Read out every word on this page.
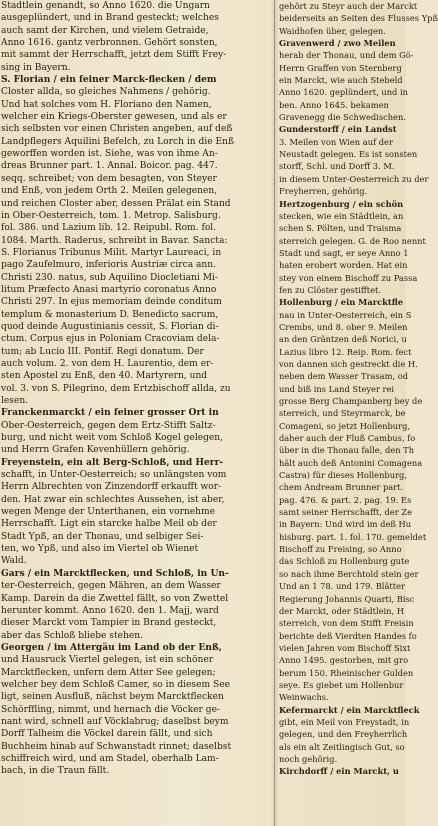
Stadtlein genandt, so Anno 1620. die Ungarn
ausgeplündert, und in Brand gesteckt; welches
auch samt der Kirchen, und vielem Getraide,
Anno 1616. gantz verbronnen. Gehört sonsten,
mit sammt der Herrschafft, jetzt dem Stifft Frey-
sing in Bayern.
S. Florian / ein feiner Marck-flecken / dem
Closter allda, so gleiches Nahmens / gehörig.
Und hat solches vom H. Floriano den Namen,
welcher ein Kriegs-Oberster gewesen, und als er
sich selbsten vor einen Christen angeben, auf deß
Landpflegers Aquilini Befelch, zu Lorch in die Enß
geworffen worden ist. Siehe, was von ihme An-
dreas Brunner part. 1. Annal. Boicor. pag. 447.
seqq. schreibet; von dem besagten, von Steyer
und Enß, von jedem Orth 2. Meilen gelegenen,
und reichen Closter aber, dessen Prälat ein Stand
in Ober-Oesterreich, tom. 1. Metrop. Salisburg.
fol. 386. und Lazium lib. 12. Reipubl. Rom. fol.
1084. Marth. Raderus, schreibt in Bavar. Sancta:
S. Florianus Tribunus Milit. Martyr Laureaci, in
pago Zaufelmuro, inferioris Austriæ circa ann.
Christi 230. natus, sub Aquilino Diocletiani Mi-
litum Præfecto Anasi martyrio coronatus Anno
Christi 297. In ejus memoriam deinde conditum
templum & monasterium D. Benedicto sacrum,
quod deinde Augustinianis cessit, S. Florian di-
ctum. Corpus ejus in Poloniam Cracoviam dela-
tum; ab Lucio III. Pontif. Regi donatum. Der
auch volum. 2. von dem H. Laurentio, dem er-
sten Apostel zu Enß, den 40. Martyrern, und
vol. 3. von S. Pilegrino, dem Ertzbischoff allda, zu
lesen.
Franckenmarckt / ein feiner grosser Ort in
Ober-Oesterreich, gegen dem Ertz-Stifft Saltz-
burg, und nicht weit vom Schloß Kogel gelegen,
und Herrn Grafen Kevenhüllern gehörig.
Freyenstein, ein alt Berg-Schloß, und Herr-
schafft, in Unter-Oesterreich; so unlängsten vom
Herrn Albrechten von Zinzendorff erkaufft wor-
den. Hat zwar ein schlechtes Aussehen, ist aber,
wegen Menge der Unterthanen, ein vornehme
Herrschafft. Ligt ein starcke halbe Meil ob der
Stadt Ypß, an der Thonau, und selbiger Sei-
ten, wo Ypß, und also im Viertel ob Wienet
Wald.
Gars / ein Marcktflecken, und Schloß, in Un-
ter-Oesterreich, gegen Mähren, an dem Wasser
Kamp. Darein da die Zwettel fällt, so von Zwettel
herunter kommt. Anno 1620. den 1. Majj, ward
dieser Marckt vom Tampier in Brand gesteckt,
aber das Schloß bliebe stehen.
Georgen / im Attergäu im Land ob der Enß,
und Hausruck Viertel gelegen, ist ein schöner
Marcktflecken, unfern dem Atter See gelegen;
welcher bey dem Schloß Camer, so in diesem See
ligt, seinen Ausfluß, nächst beym Marcktflecken
Schörffling, nimmt, und hernach die Vöcker ge-
nant wird, schnell auf Vöcklabrug; daselbst beym
Dorff Talheim die Vöckel darein fällt, und sich
Buchheim hinab auf Schwanstadt rinnet; daselbst
schiffreich wird, und am Stadel, oberhalb Lam-
bach, in die Traun fällt.
gehört zu Steyr auch der Marckt
beiderseits an Seiten des Flusses Ypß
Waidhofen über, gelegen.
Gravenwerd / zwo Meilen
herab der Thonau, und dem Gö-
Herrn Graffen von Sternberg
ein Marckt, wie auch Stebeld
Anno 1620. geplündert, und in
ben. Anno 1645. bekamen
Gravenegg die Schwedischen.
Gunderstorff / ein Landst
3. Meilen von Wien auf der
Neustadt gelegen. Es ist sonsten
storff, Schl. und Dorff 3. M.
in diesem Unter-Oesterreich zu der
Freyherren, gehörig.
Hertzogenburg / ein schön
stecken, wie ein Städtlein, an
schen S. Pölten, und Traisma
sterreich gelegen. G. de Roo nennt
Stadt und sagt, er seye Anno 1
haten erobert worden. Hat ein
stey von einem Bischoff zu Passa
fen zu Clöster gestifftet.
Hollenburg / ein Marcktfle
nau in Unter-Oesterreich, ein S
Crembs, und 8. ober 9. Meilen
an den Gräntzen deß Norici, u
Lazius libro 12. Reip. Rom. fect
von dannen sich gestreckt die H.
neben dem Wasser Trasam, od
und biß ins Land Steyer rei
grosse Berg Champanberg bey de
sterreich, und Steyrmarck, be
Comageni, so jetzt Hollenburg,
daher auch der Fluß Cambus, fo
über in die Thonau falle, den Th
hält auch deß Antonini Comagena
Castra) für dieses Hollenburg,
chem Andream Brunner part.
pag. 476. & part. 2. pag. 19. Es
samt seiner Herrschafft, der Ze
in Bayern: Und wird im deß Hu
hisburg. part. 1. fol. 170. gemeldet
Bischoff zu Freising, so Anno
das Schloß zu Hollenburg gute
so nach ihme Berchtold stein ger
Und an 1 78. und 179. Blätter
Regierung Johannis Quarti, Bisc
der Marckt, oder Städtlein, H
sterreich, von dem Stifft Freisin
berichte deß Vierdten Handes fo
vielen Jahren vom Bischoff Sixt
Anno 1495. gestorben, mit gro
berum 150. Rheinischer Gulden
seye. Es giebet um Hollenbur
Weinwachs.
Kefermarckt / ein Marcktfleck
gibt, ein Meil von Freystadt, in
gelegen, und den Freyherrlich
als ein alt Zeitlingisch Gut, so
noch gehörig.
Kirchdorff / ein Marckt, u
